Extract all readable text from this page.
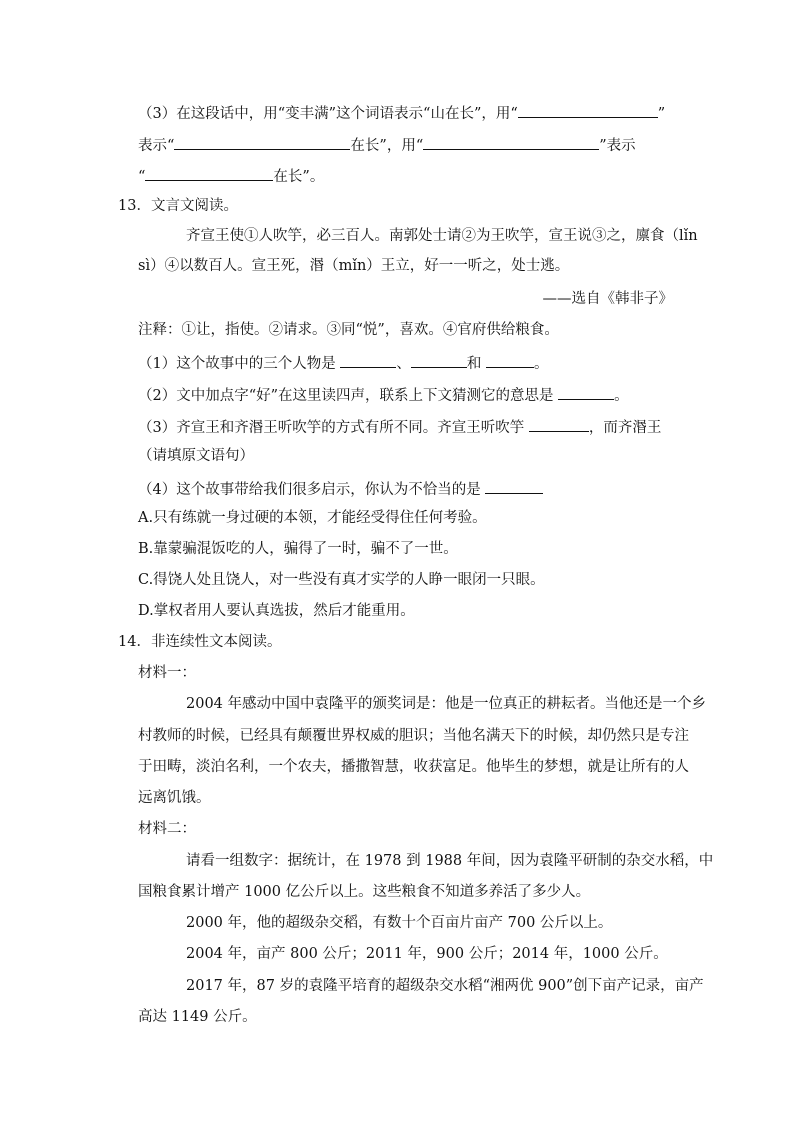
（3）在这段话中，用“变丰满”这个词语表示“山在长”，用“	”
表示“	在长”，用“	”表示
“	在长”。
13．文言文阅读。
齐宣王使①人吹竽，必三百人。南郭处士请②为王吹竽，宣王说③之，廪食（lǐn
sì）④以数百人。宣王死，湣（mǐn）王立，好一一听之，处士逃。
——选自《韩非子》
注释：①让，指使。②请求。③同“悦”，喜欢。④官府供给粮食。
（1）这个故事中的三个人物是	、	和	。
（2）文中加点字“好”在这里读四声，联系上下文猜测它的意思是	。
（3）齐宣王和齐湣王听吹竽的方式有所不同。齐宣王听吹竽	，而齐湣王
（请填原文语句）
（4）这个故事带给我们很多启示，你认为不恰当的是
A.只有练就一身过硬的本领，才能经受得住任何考验。
B.靠蒙骗混饭吃的人，骗得了一时，骗不了一世。
C.得饶人处且饶人，对一些没有真才实学的人睁一眼闭一只眼。
D.掌权者用人要认真选拔，然后才能重用。
14．非连续性文本阅读。
材料一：
2004 年感动中国中袁隆平的颁奖词是：他是一位真正的耕耘者。当他还是一个乡
村教师的时候，已经具有颠覆世界权威的胆识；当他名满天下的时候，却仍然只是专注
于田畴，淡泊名利，一个农夫，播撒智慧，收获富足。他毕生的梦想，就是让所有的人
远离饥饿。
材料二：
请看一组数字：据统计，在 1978 到 1988 年间，因为袁隆平研制的杂交水稻，中
国粮食累计增产 1000 亿公斤以上。这些粮食不知道多养活了多少人。
2000 年，他的超级杂交稻，有数十个百亩片亩产 700 公斤以上。
2004 年，亩产 800 公斤；2011 年，900 公斤；2014 年，1000 公斤。
2017 年，87 岁的袁隆平培育的超级杂交水稻“湘两优 900”创下亩产记录，亩产
高达 1149 公斤。
